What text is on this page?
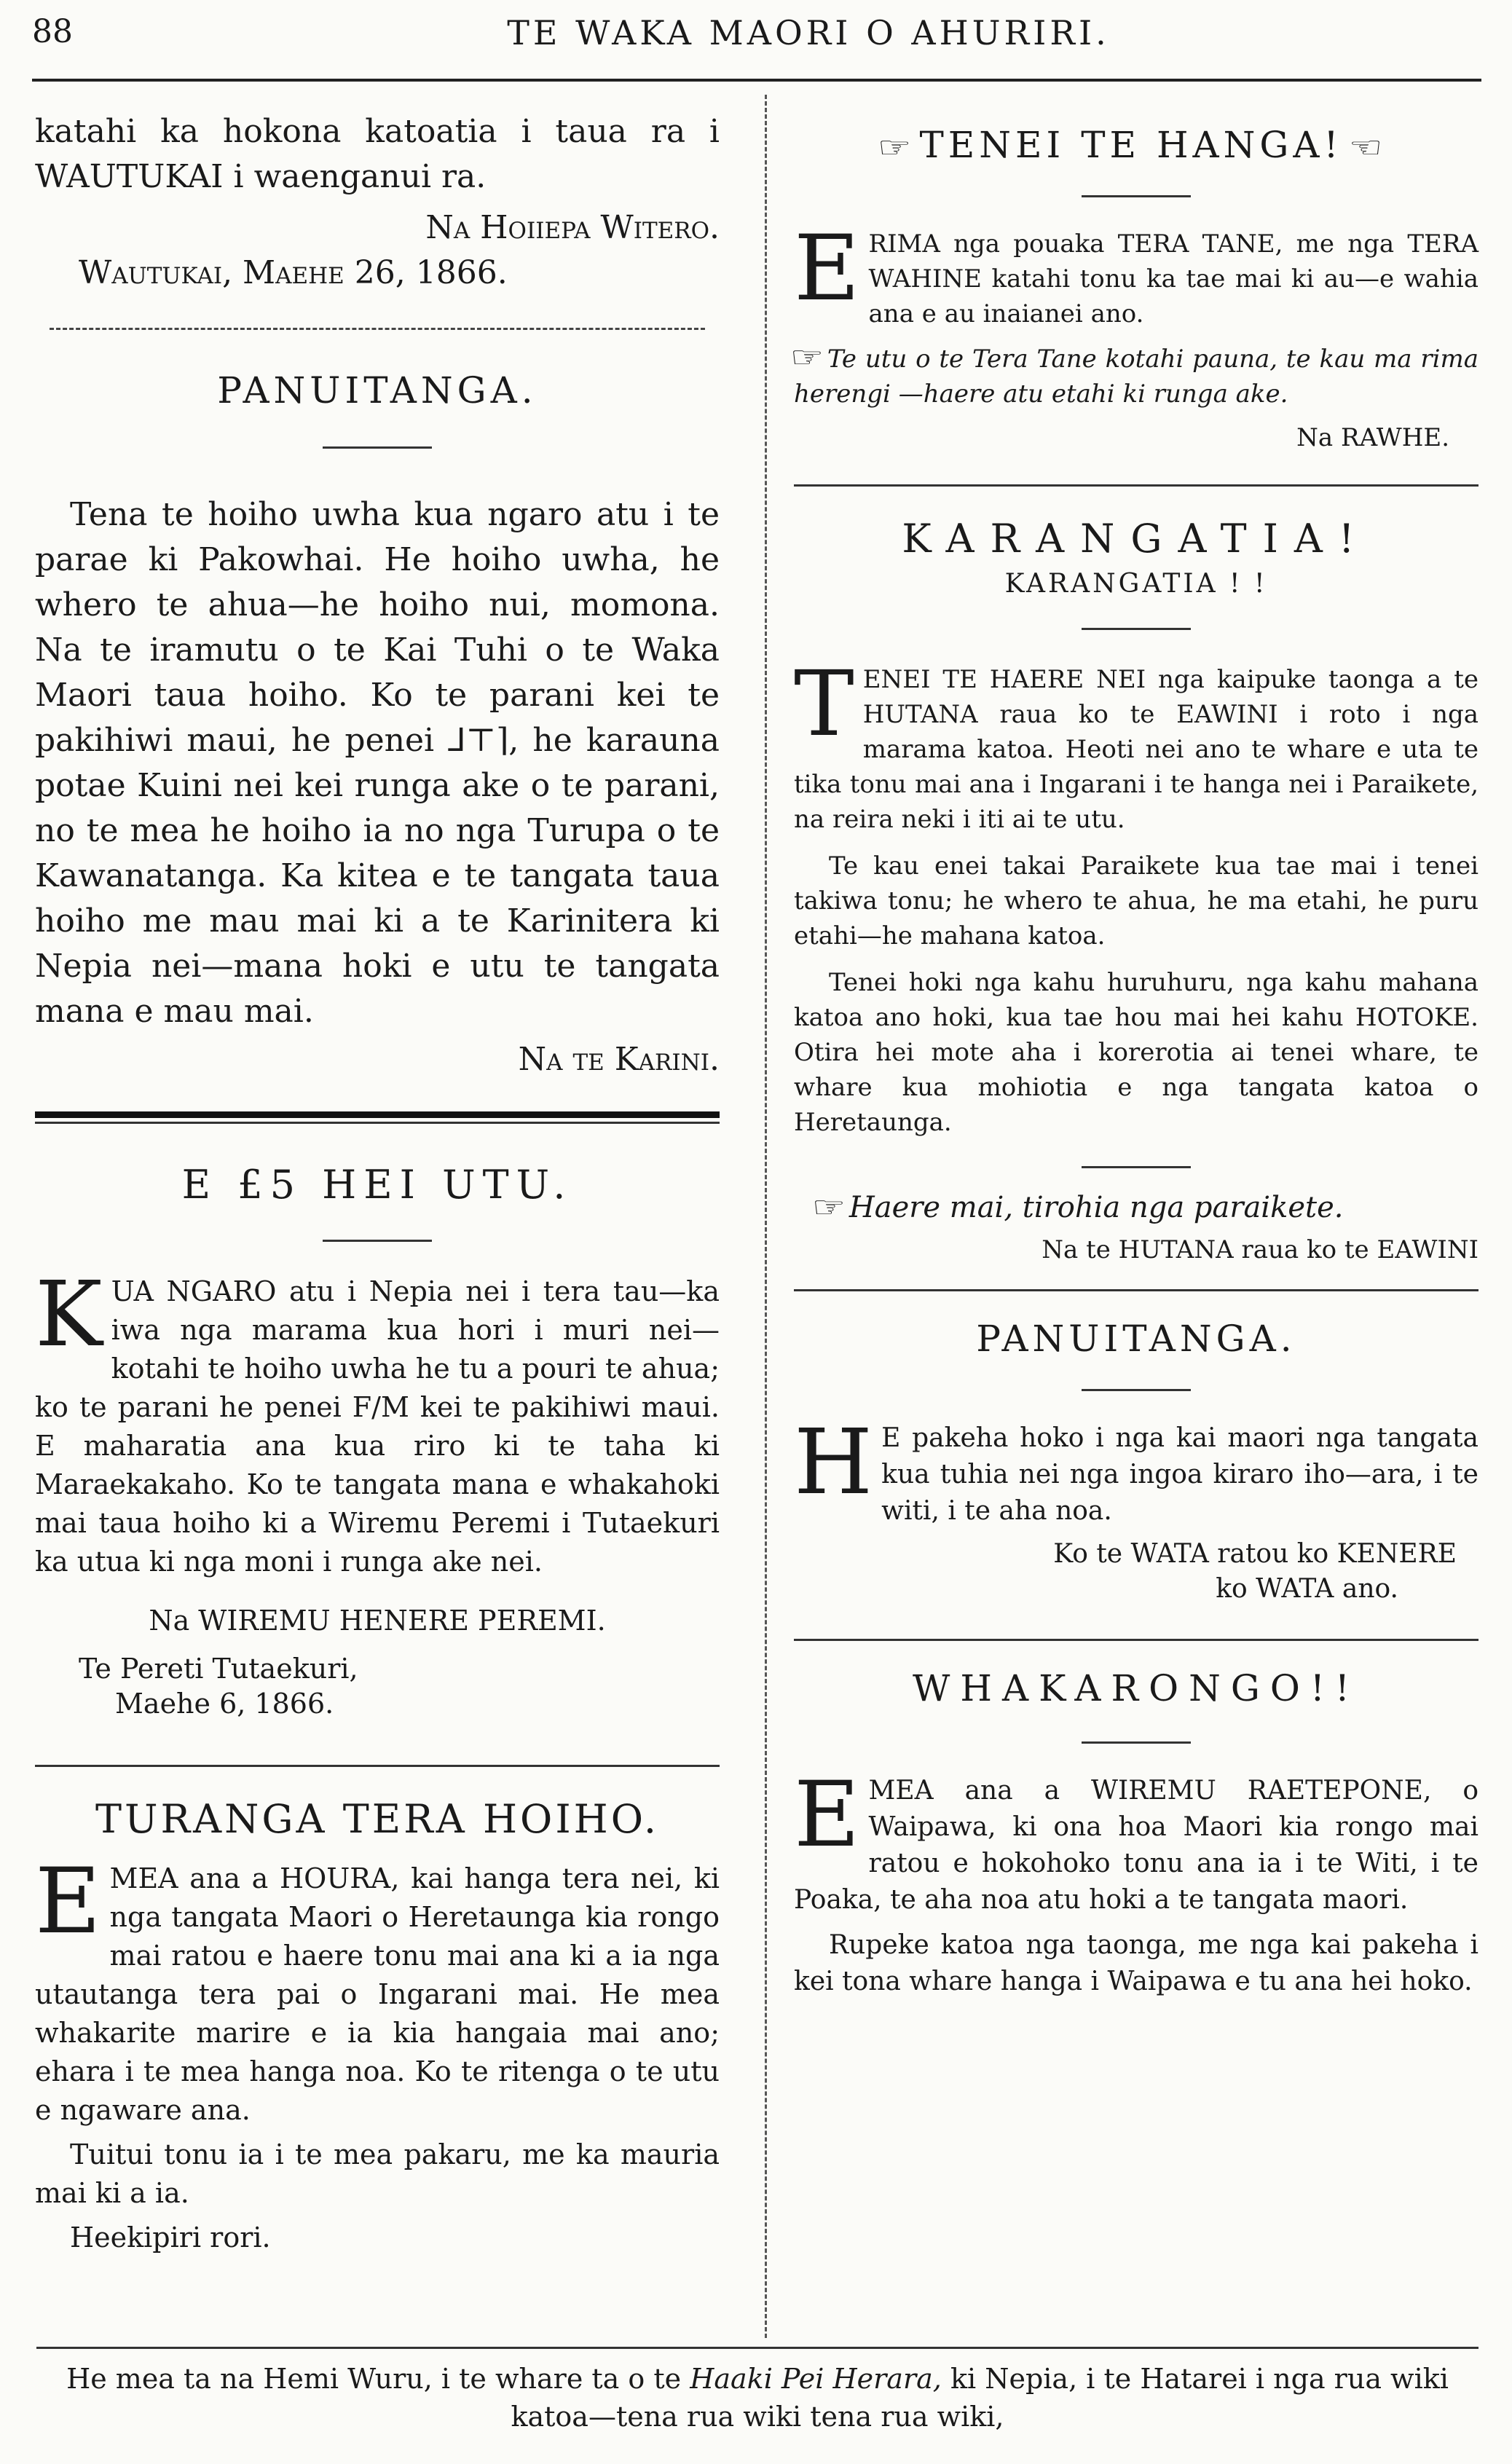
88	TE WAKA MAORI O AHURIRI.

katahi ka hokona katoatia i taua ra i WAUTUKAI i waenganui ra.

Na Hoiiepa Witero.

Wautukai, Maehe 26, 1866.

PANUITANGA.

Tena te hoiho uwha kua ngaro atu i te parae ki Pakowhai. He hoiho uwha, he whero te ahua—he hoiho nui, momona. Na te iramutu o te Kai Tuhi o te Waka Maori taua hoiho. Ko te parani kei te pakihiwi maui, he penei ⅃⊤⌉, he karauna potae Kuini nei kei runga ake o te parani, no te mea he hoiho ia no nga Turupa o te Kawanatanga. Ka kitea e te tangata taua hoiho me mau mai ki a te Karinitera ki Nepia nei—mana hoki e utu te tangata mana e mau mai.

Na te Karini.

E £5 HEI UTU.

K UA NGARO atu i Nepia nei i tera tau—ka iwa nga marama kua hori i muri nei—kotahi te hoiho uwha he tu a pouri te ahua; ko te parani he penei F/M kei te pakihiwi maui. E maharatia ana kua riro ki te taha ki Maraekakaho. Ko te tangata mana e whakahoki mai taua hoiho ki a Wiremu Peremi i Tutaekuri ka utua ki nga moni i runga ake nei.

Na WIREMU HENERE PEREMI.

Te Pereti Tutaekuri,

Maehe 6, 1866.

TURANGA TERA HOIHO.

E MEA ana a HOURA, kai hanga tera nei, ki nga tangata Maori o Heretaunga kia rongo mai ratou e haere tonu mai ana ki a ia nga utautanga tera pai o Ingarani mai. He mea whakarite marire e ia kia hangaia mai ano; ehara i te mea hanga noa. Ko te ritenga o te utu e ngaware ana.

Tuitui tonu ia i te mea pakaru, me ka mauria mai ki a ia.

Heekipiri rori.

☞TENEI TE HANGA! ☜

E RIMA nga pouaka TERA TANE, me nga TERA WAHINE katahi tonu ka tae mai ki au—e wahia ana e au inaianei ano.

☞ Te utu o te Tera Tane kotahi pauna, te kau ma rima herengi —haere atu etahi ki runga ake.

Na RAWHE.

KARANGATIA!

KARANGATIA ! !

T ENEI TE HAERE NEI nga kaipuke taonga a te HUTANA raua ko te EAWINI i roto i nga marama katoa. Heoti nei ano te whare e uta te tika tonu mai ana i Ingarani i te hanga nei i Paraikete, na reira neki i iti ai te utu.

Te kau enei takai Paraikete kua tae mai i tenei takiwa tonu; he whero te ahua, he ma etahi, he puru etahi—he mahana katoa.

Tenei hoki nga kahu huruhuru, nga kahu mahana katoa ano hoki, kua tae hou mai hei kahu HOTOKE. Otira hei mote aha i korerotia ai tenei whare, te whare kua mohiotia e nga tangata katoa o Heretaunga.

☞ Haere mai, tirohia nga paraikete.

Na te HUTANA raua ko te EAWINI

PANUITANGA.

H E pakeha hoko i nga kai maori nga tangata kua tuhia nei nga ingoa kiraro iho—ara, i te witi, i te aha noa.

Ko te WATA ratou ko KENERE

ko WATA ano.

WHAKARONGO!!

E MEA ana a WIREMU RAETEPONE, o Waipawa, ki ona hoa Maori kia rongo mai ratou e hokohoko tonu ana ia i te Witi, i te Poaka, te aha noa atu hoki a te tangata maori.

Rupeke katoa nga taonga, me nga kai pakeha i kei tona whare hanga i Waipawa e tu ana hei hoko.

He mea ta na Hemi Wuru, i te whare ta o te Haaki Pei Herara, ki Nepia, i te Hatarei i nga rua wiki katoa—tena rua wiki tena rua wiki,
